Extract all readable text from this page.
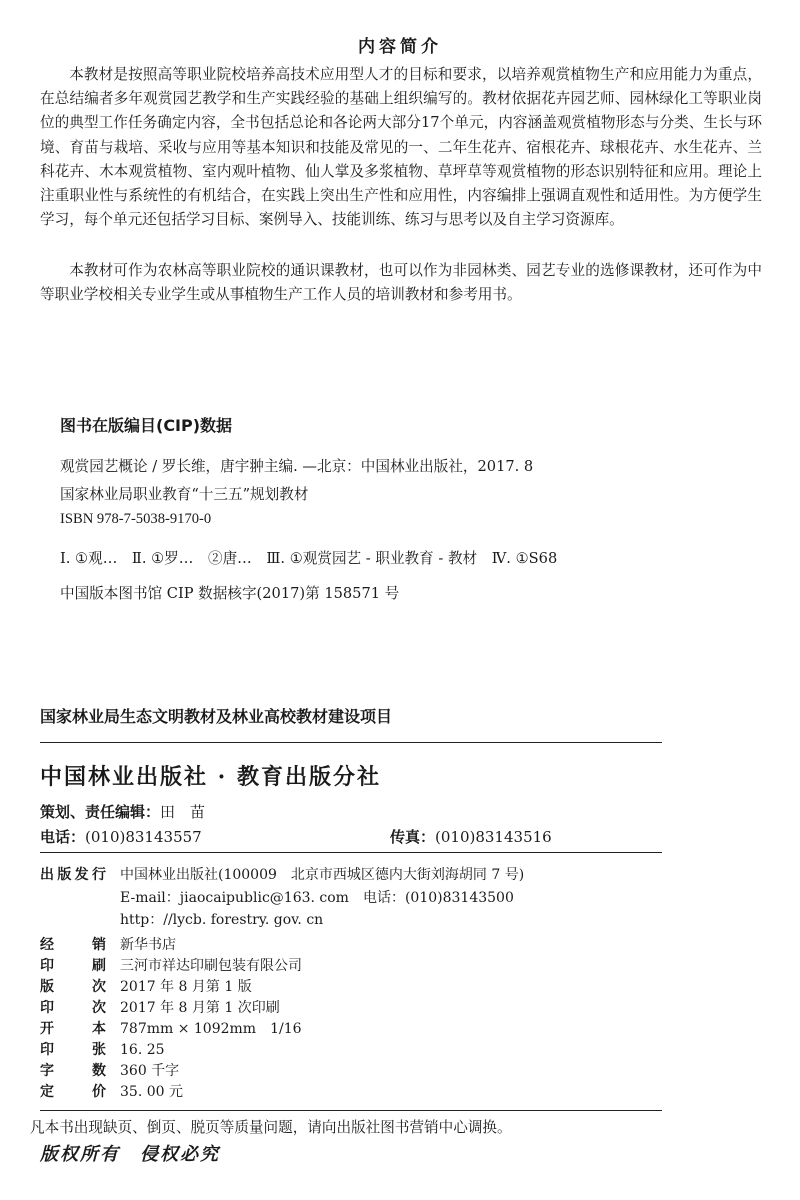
内容简介

本教材是按照高等职业院校培养高技术应用型人才的目标和要求，以培养观赏植物生产和应用能力为重点，在总结编者多年观赏园艺教学和生产实践经验的基础上组织编写的。教材依据花卉园艺师、园林绿化工等职业岗位的典型工作任务确定内容，全书包括总论和各论两大部分17个单元，内容涵盖观赏植物形态与分类、生长与环境、育苗与栽培、采收与应用等基本知识和技能及常见的一、二年生花卉、宿根花卉、球根花卉、水生花卉、兰科花卉、木本观赏植物、室内观叶植物、仙人掌及多浆植物、草坪草等观赏植物的形态识别特征和应用。理论上注重职业性与系统性的有机结合，在实践上突出生产性和应用性，内容编排上强调直观性和适用性。为方便学生学习，每个单元还包括学习目标、案例导入、技能训练、练习与思考以及自主学习资源库。

本教材可作为农林高等职业院校的通识课教材，也可以作为非园林类、园艺专业的选修课教材，还可作为中等职业学校相关专业学生或从事植物生产工作人员的培训教材和参考用书。

图书在版编目(CIP)数据
观赏园艺概论 / 罗长维，唐宇翀主编. —北京：中国林业出版社，2017. 8
国家林业局职业教育“十三五”规划教材
ISBN 978-7-5038-9170-0
Ⅰ. ①观…　Ⅱ. ①罗…　②唐…　Ⅲ. ①观赏园艺 - 职业教育 - 教材　Ⅳ. ①S68
中国版本图书馆 CIP 数据核字(2017)第 158571 号
国家林业局生态文明教材及林业高校教材建设项目
中国林业出版社 · 教育出版分社
策划、责任编辑：田　苗
电话：(010)83143557	传真：(010)83143516
出版发行 中国林业出版社(100009　北京市西城区德内大街刘海胡同 7 号)
E-mail：jiaocaipublic@163. com　电话：(010)83143500
http：//lycb. forestry. gov. cn
经　销 新华书店
印　刷 三河市祥达印刷包装有限公司
版　次 2017 年 8 月第 1 版
印　次 2017 年 8 月第 1 次印刷
开　本 787mm × 1092mm　1/16
印　张 16. 25
字　数 360 千字
定　价 35. 00 元
凡本书出现缺页、倒页、脱页等质量问题，请向出版社图书营销中心调换。
版权所有　侵权必究
